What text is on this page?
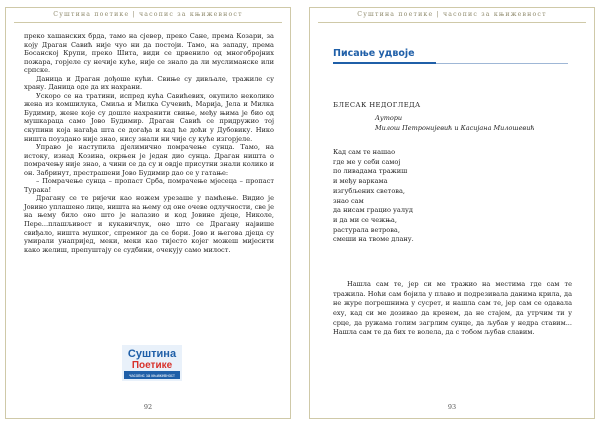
Суштина поетике | часопис за књижевност

преко хашанских брда, тамо на сјевер, преко Сане, према Козари, за коју Драган Савић није чуо ни да постоји. Тамо, на западу, према Босанској Крупи, преко Шита, види се црвенило од многобројних пожара, горјеле су нечије куће, није се знало да ли муслиманске или српске.

Даница и Драган дођоше кући. Свиње су дивљале, тражиле су храну. Даница оде да их нахрани.

Ускоро се на тратини, испред кућа Савићевих, окупило неколико жена из комшилука, Смиља и Милка Сучевић, Марија, Јела и Милка Будимир, жене које су дошле нахранити свиње, међу њима је био од мушкараца само Јово Будимир. Драган Савић се придружио тој скупини која нагађа шта се догађа и кад ће доћи у Дубовику. Нико ништа поуздано није знао, нису знали ни чије су куће изгорјеле.

Управо је наступила дјелимично помрачење сунца. Тамо, на истоку, изнад Козина, окрњен је један дио сунца. Драган ништа о помрачењу није знао, а чини се да су и овдје присутни знали колико и он. Забринут, престрашени Јово Будимир дао се у гатање:

– Помрачење сунца – пропаст Срба, помрачење мјесеца – пропаст Турака!

Драгану се те ријечи као ножем урезаше у памћење. Видио је Јовино уплашено лице, ништа на њему од оне очеве одлучности, све је на њему било оно што је налазио и код Јовине дјеце, Николе, Пере...плашљивост и кукавичлук, оно што се Драгану највише свиђало, ништа мушког, спремног да се бори. Јово и његова дјеца су умирали унапријед, меки, меки као тијесто којег можеш мијесити како желиш, препуштају се судбини, очекују само милост.

Суштина
Поетике
часопис за књижевност
92
Суштина поетике | часопис за књижевност
Писање удвоје
БЛЕСАК НЕДОГЛЕДА
Аутори
Милош Петронијевић и Касијана Милошевић
Кад сам те нашао
где ме у себи самој
по ливадама тражиш
и међу варкама
изгубљених светова,
знао сам
да нисам грацио уалуд
и да ми се чежња,
растурала ветрова,
смеши на твоме длану.

Нашла сам те, јер си ме тражио на местима где сам те тражила. Ноћи сам бојила у плаво и подрезивала данима крила, да не журе погрешнима у сусрет, и нашла сам те, јер сам се одавала еху, кад си ме дозивао да кренем, да не стајем, да утрчим ти у срце, да ружама голим загрлим сунце, да љубав у недра ставим... Нашла сам те да бих те волела, да с тобом љубав славим.

93
